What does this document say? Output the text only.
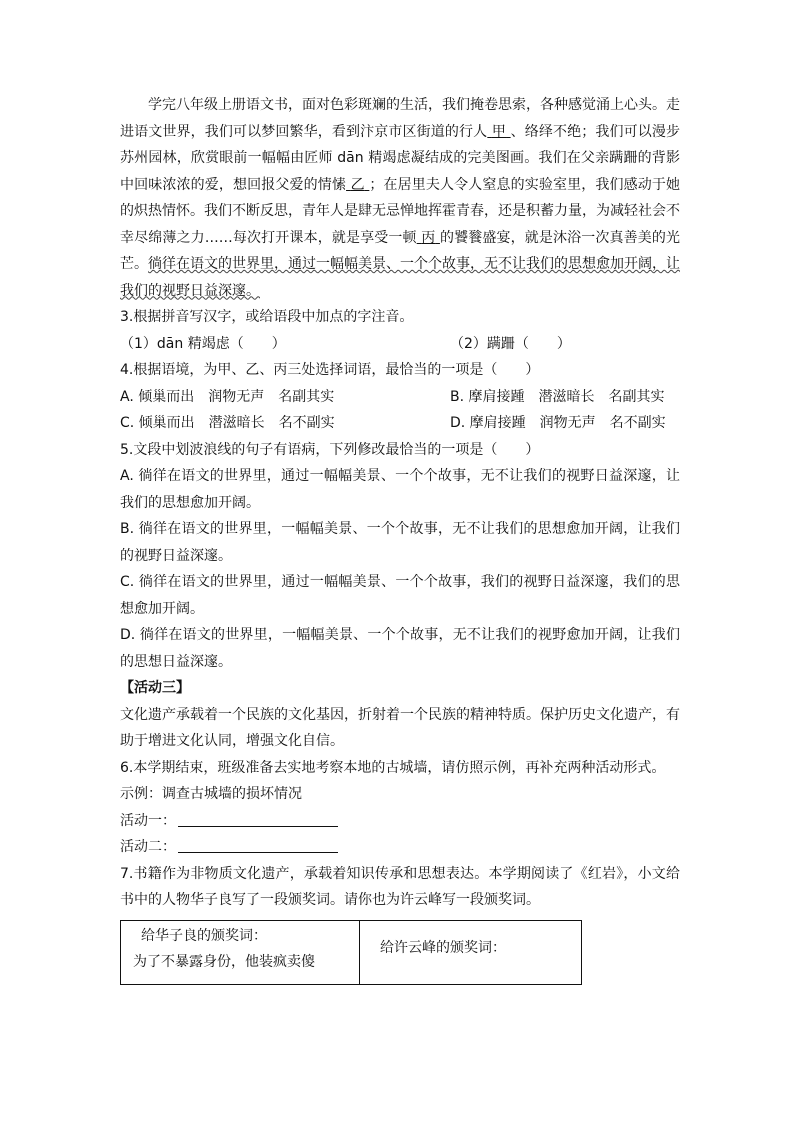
学完八年级上册语文书，面对色彩斑斓的生活，我们掩卷思索，各种感觉涌上心头。走进语文世界，我们可以梦回繁华，看到汴京市区街道的行人 甲 、络绎不绝；我们可以漫步苏州园林，欣赏眼前一幅幅由匠师 dān 精竭虑凝结成的完美图画。我们在父亲蹒跚的背影中回味浓浓的爱，想回报父爱的情愫 乙 ；在居里夫人令人窒息的实验室里，我们感动于她的炽热情怀。我们不断反思，青年人是肆无忌惮地挥霍青春，还是积蓄力量，为减轻社会不幸尽绵薄之力……每次打开课本，就是享受一顿 丙 的饕餮盛宴，就是沐浴一次真善美的光芒。徜徉在语文的世界里，通过一幅幅美景、一个个故事，无不让我们的思想愈加开阔，让我们的视野日益深邃。

3.根据拼音写汉字，或给语段中加点的字注音。

（1）dān 精竭虑（　　）	（2）蹒跚（　　）

4.根据语境，为甲、乙、丙三处选择词语，最恰当的一项是（　　）

A. 倾巢而出　润物无声　名副其实	B. 摩肩接踵　潜滋暗长　名副其实
C. 倾巢而出　潜滋暗长　名不副实	D. 摩肩接踵　润物无声　名不副实

5.文段中划波浪线的句子有语病，下列修改最恰当的一项是（　　）

A. 徜徉在语文的世界里，通过一幅幅美景、一个个故事，无不让我们的视野日益深邃，让我们的思想愈加开阔。

B. 徜徉在语文的世界里，一幅幅美景、一个个故事，无不让我们的思想愈加开阔，让我们的视野日益深邃。

C. 徜徉在语文的世界里，通过一幅幅美景、一个个故事，我们的视野日益深邃，我们的思想愈加开阔。

D. 徜徉在语文的世界里，一幅幅美景、一个个故事，无不让我们的视野愈加开阔，让我们的思想日益深邃。

【活动三】

文化遗产承载着一个民族的文化基因，折射着一个民族的精神特质。保护历史文化遗产，有助于增进文化认同，增强文化自信。

6.本学期结束，班级准备去实地考察本地的古城墙，请仿照示例，再补充两种活动形式。

示例：调查古城墙的损坏情况

活动一：

活动二：

7.书籍作为非物质文化遗产，承载着知识传承和思想表达。本学期阅读了《红岩》，小文给书中的人物华子良写了一段颁奖词。请你也为许云峰写一段颁奖词。

给华子良的颁奖词：
为了不暴露身份，他装疯卖傻

给许云峰的颁奖词：
